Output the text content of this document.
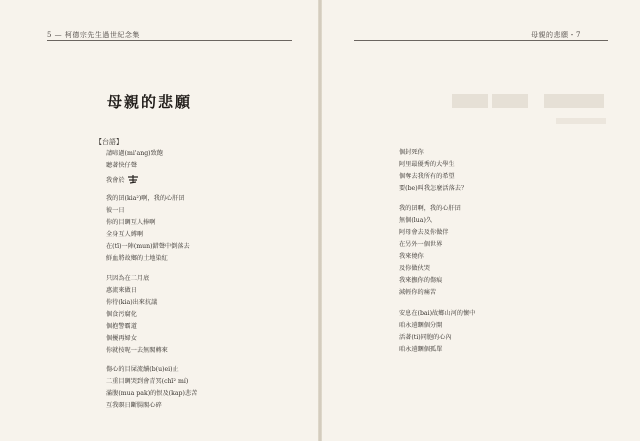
5 — 柯德宗先生過世紀念集
母親的悲願
【台語】
請啼過(mi'ang)致飽
聽著快仔聲
我會於
我的囝(kia²)啊，我的心肝囝
彼一日
你的目睭互人捧啊
全身互人縛啊
在(tī)一陣(mun)錯聲中倒落去
鮮血將故鄉的土地染紅
只因為在二月底
惠流來做日
你待(kia)出來抗議
個食污腐化
個抱警霸道
個擾再婦女
你就按呢一去無閣轉來
傷心的目屎流續(b(u)ei)止
二重目睭哭到會青冥(chī² mí)
滿腹(mua pak)的恨及(kap)悲苦
互我暝日斷腸閣心碎
母親的悲願・7
個封死你
阿里最優秀的大學生
個奪去我所有的希望
要(be)叫我怎麼活落去？
我的囝啊，我的心肝囝
無個(lua)久
阿母會去及你做伴
在另外一個世界
我來僥你
及你做伙哭
我來撫你的傷痕
減輕你的痛苦
安息在(bai)故鄉山河的懷中
咱永遠睏個分開
活著(ti)同胞的心內
咱永遠睏個孤單
